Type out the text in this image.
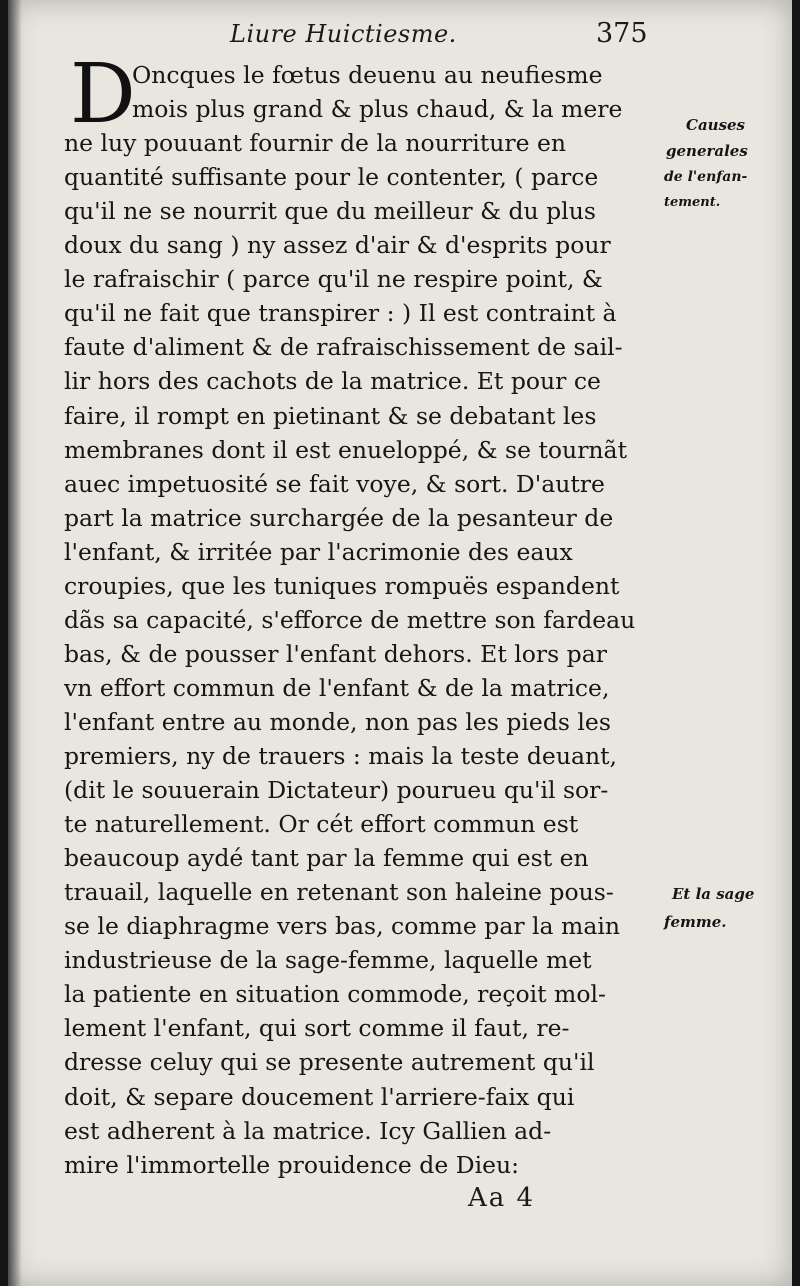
Liure Huictiesme.	375
D
Oncques le fœtus deuenu au neufiesme
mois plus grand & plus chaud, & la mere
ne luy pouuant fournir de la nourriture en
quantité suffisante pour le contenter, ( parce
qu'il ne se nourrit que du meilleur & du plus
doux du sang ) ny assez d'air & d'esprits pour
le rafraischir ( parce qu'il ne respire point, &
qu'il ne fait que transpirer : ) Il est contraint à
faute d'aliment & de rafraischissement de sail-
lir hors des cachots de la matrice. Et pour ce
faire, il rompt en pietinant & se debatant les
membranes dont il est enueloppé, & se tournãt
auec impetuosité se fait voye, & sort. D'autre
part la matrice surchargée de la pesanteur de
l'enfant, & irritée par l'acrimonie des eaux
croupies, que les tuniques rompuës espandent
dãs sa capacité, s'efforce de mettre son fardeau
bas, & de pousser l'enfant dehors. Et lors par
vn effort commun de l'enfant & de la matrice,
l'enfant entre au monde, non pas les pieds les
premiers, ny de trauers : mais la teste deuant,
(dit le souuerain Dictateur) pourueu qu'il sor-
te naturellement. Or cét effort commun est
beaucoup aydé tant par la femme qui est en
trauail, laquelle en retenant son haleine pous-
se le diaphragme vers bas, comme par la main
industrieuse de la sage-femme, laquelle met
la patiente en situation commode, reçoit mol-
lement l'enfant, qui sort comme il faut, re-
dresse celuy qui se presente autrement qu'il
doit, & separe doucement l'arriere-faix qui
est adherent à la matrice. Icy Gallien ad-
mire l'immortelle prouidence de Dieu:
Causes
generales
de l'enfan-
tement.
Et la sage
femme.
Aa 4
